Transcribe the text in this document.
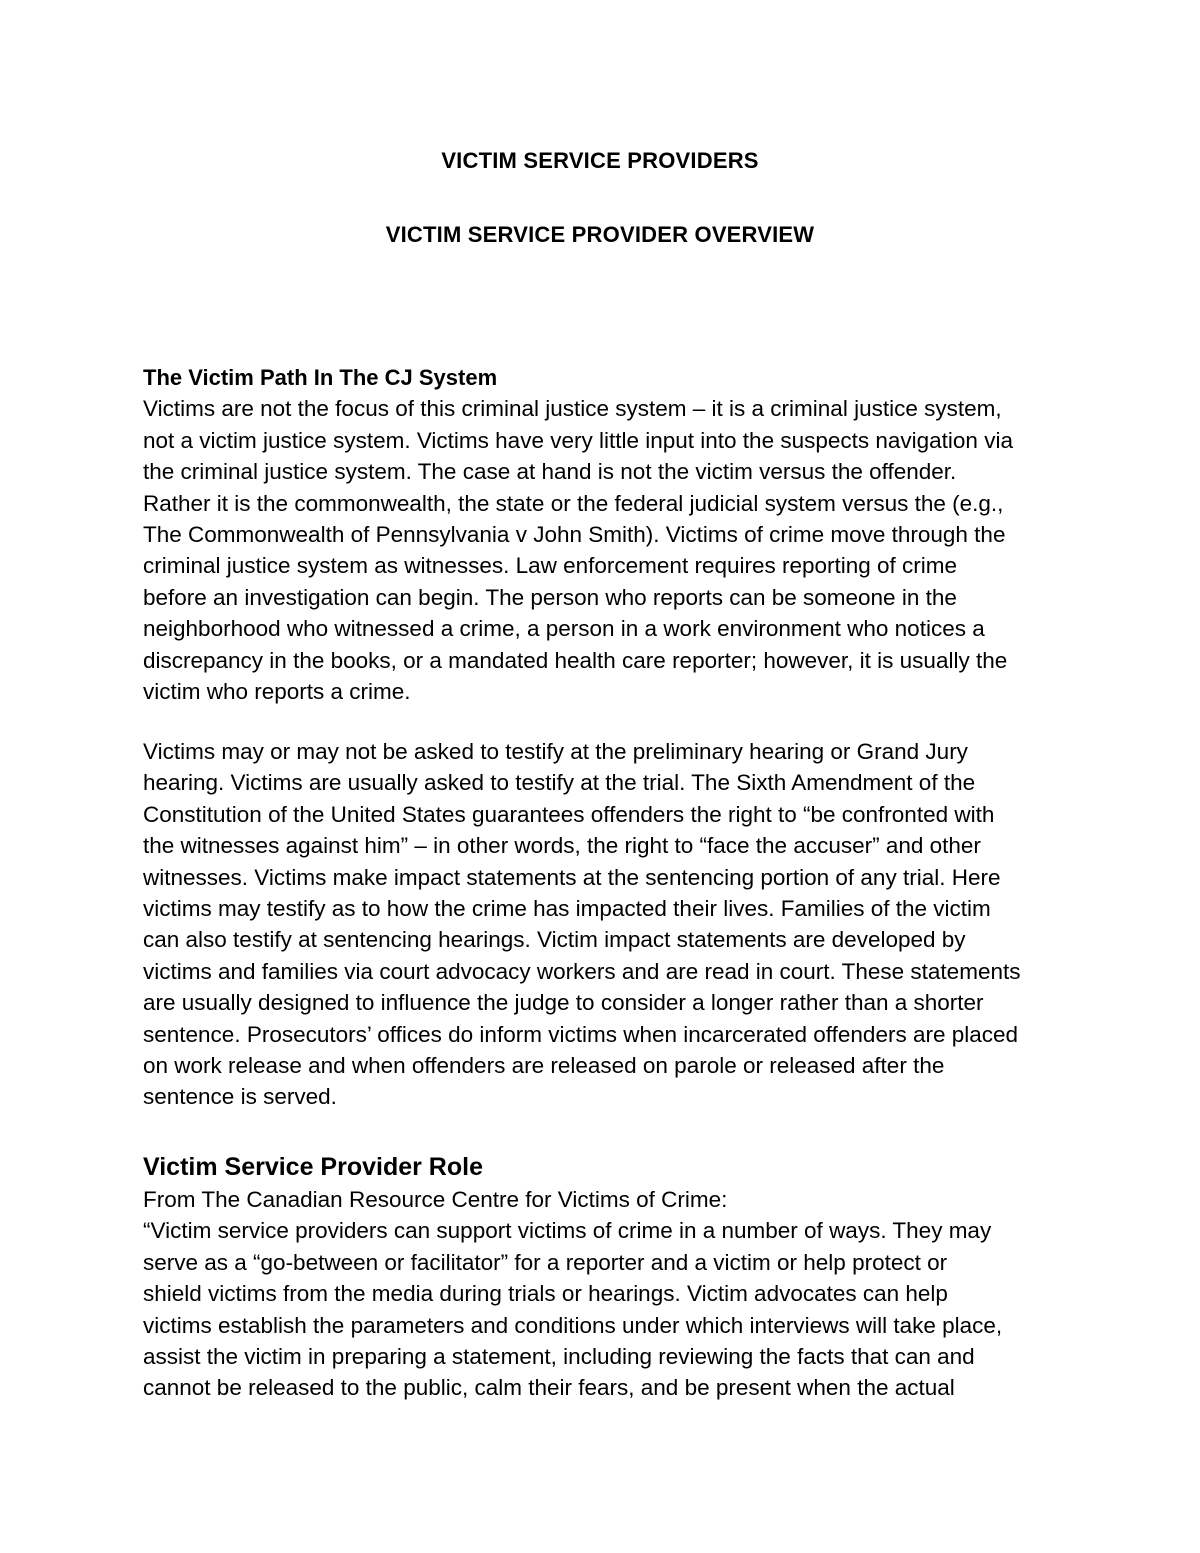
VICTIM SERVICE PROVIDERS
VICTIM SERVICE PROVIDER OVERVIEW
The Victim Path In The CJ System
Victims are not the focus of this criminal justice system – it is a criminal justice system,
not a victim justice system. Victims have very little input into the suspects navigation via
the criminal justice system. The case at hand is not the victim versus the offender.
Rather it is the commonwealth, the state or the federal judicial system versus the (e.g.,
The Commonwealth of Pennsylvania v John Smith). Victims of crime move through the
criminal justice system as witnesses. Law enforcement requires reporting of crime
before an investigation can begin. The person who reports can be someone in the
neighborhood who witnessed a crime, a person in a work environment who notices a
discrepancy in the books, or a mandated health care reporter; however, it is usually the
victim who reports a crime.
Victims may or may not be asked to testify at the preliminary hearing or Grand Jury
hearing. Victims are usually asked to testify at the trial. The Sixth Amendment of the
Constitution of the United States guarantees offenders the right to “be confronted with
the witnesses against him” – in other words, the right to “face the accuser” and other
witnesses. Victims make impact statements at the sentencing portion of any trial. Here
victims may testify as to how the crime has impacted their lives. Families of the victim
can also testify at sentencing hearings. Victim impact statements are developed by
victims and families via court advocacy workers and are read in court. These statements
are usually designed to influence the judge to consider a longer rather than a shorter
sentence. Prosecutors’ offices do inform victims when incarcerated offenders are placed
on work release and when offenders are released on parole or released after the
sentence is served.
Victim Service Provider Role
From The Canadian Resource Centre for Victims of Crime:
“Victim service providers can support victims of crime in a number of ways. They may
serve as a “go-between or facilitator” for a reporter and a victim or help protect or
shield victims from the media during trials or hearings. Victim advocates can help
victims establish the parameters and conditions under which interviews will take place,
assist the victim in preparing a statement, including reviewing the facts that can and
cannot be released to the public, calm their fears, and be present when the actual
